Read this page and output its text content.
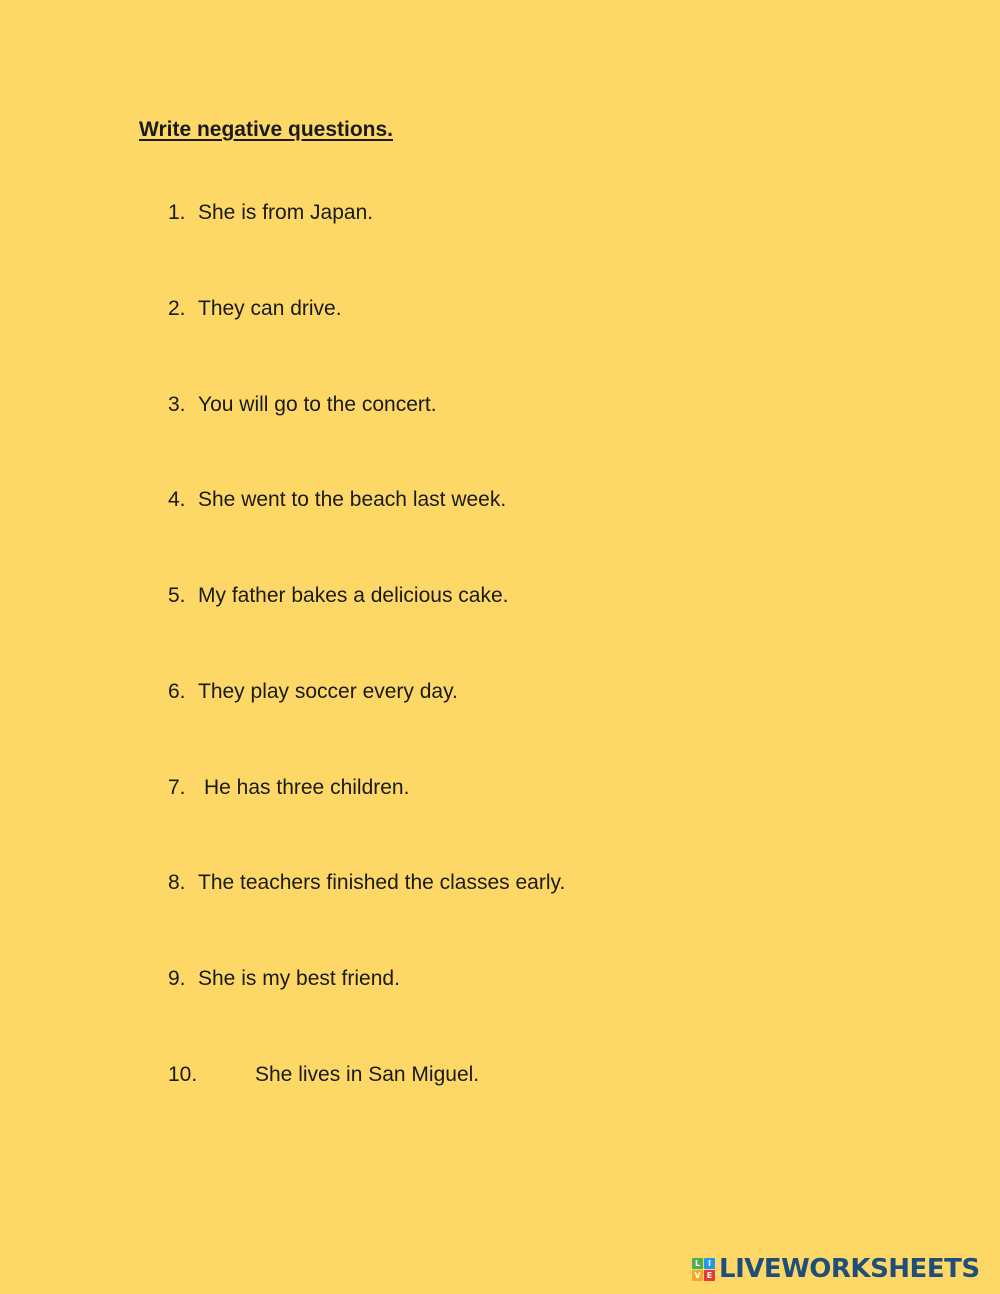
Write negative questions.
1. She is from Japan.
2. They can drive.
3. You will go to the concert.
4. She went to the beach last week.
5. My father bakes a delicious cake.
6. They play soccer every day.
7. He has three children.
8. The teachers finished the classes early.
9. She is my best friend.
10.	She lives in San Miguel.
L I
V E LIVEWORKSHEETS
